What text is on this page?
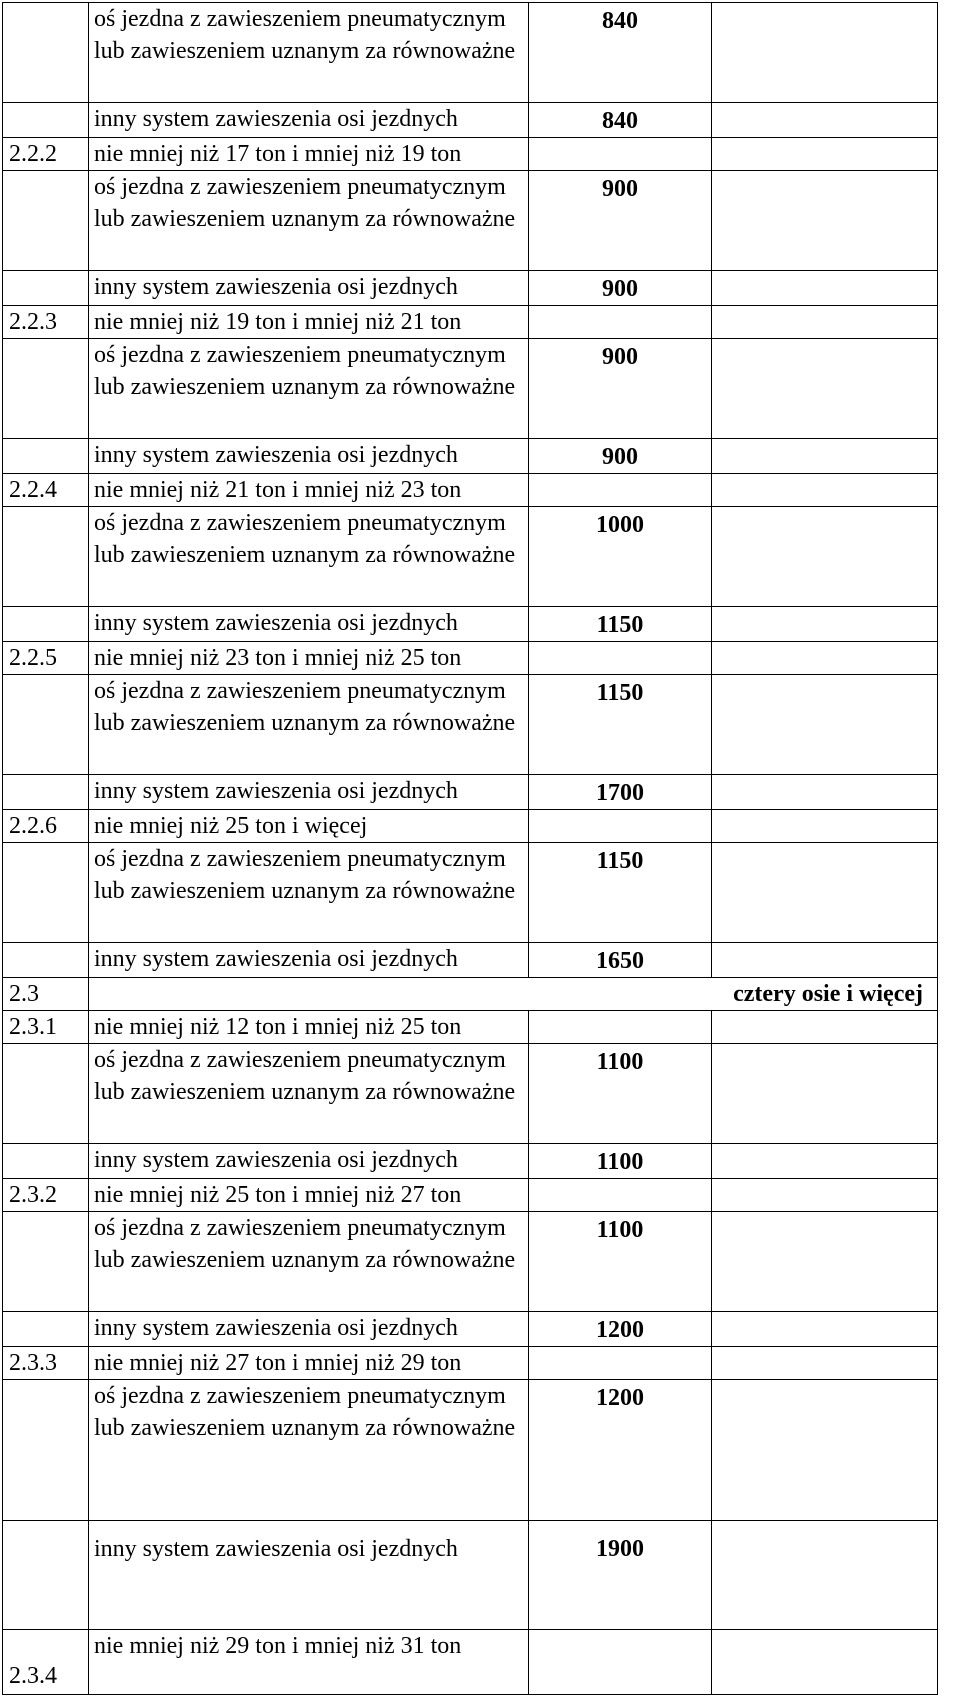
	oś jezdna z zawieszeniem pneumatycznym lub zawieszeniem uznanym za równoważne	840	
	inny system zawieszenia osi jezdnych	840	
2.2.2	nie mniej niż 17 ton i mniej niż 19 ton		
	oś jezdna z zawieszeniem pneumatycznym lub zawieszeniem uznanym za równoważne	900	
	inny system zawieszenia osi jezdnych	900	
2.2.3	nie mniej niż 19 ton i mniej niż 21 ton		
	oś jezdna z zawieszeniem pneumatycznym lub zawieszeniem uznanym za równoważne	900	
	inny system zawieszenia osi jezdnych	900	
2.2.4	nie mniej niż 21 ton i mniej niż 23 ton		
	oś jezdna z zawieszeniem pneumatycznym lub zawieszeniem uznanym za równoważne	1000	
	inny system zawieszenia osi jezdnych	1150	
2.2.5	nie mniej niż 23 ton i mniej niż 25 ton		
	oś jezdna z zawieszeniem pneumatycznym lub zawieszeniem uznanym za równoważne	1150	
	inny system zawieszenia osi jezdnych	1700	
2.2.6	nie mniej niż 25 ton i więcej		
	oś jezdna z zawieszeniem pneumatycznym lub zawieszeniem uznanym za równoważne	1150	
	inny system zawieszenia osi jezdnych	1650	
2.3	cztery osie i więcej		
2.3.1	nie mniej niż 12 ton i mniej niż 25 ton		
	oś jezdna z zawieszeniem pneumatycznym lub zawieszeniem uznanym za równoważne	1100	
	inny system zawieszenia osi jezdnych	1100	
2.3.2	nie mniej niż 25 ton i mniej niż 27 ton		
	oś jezdna z zawieszeniem pneumatycznym lub zawieszeniem uznanym za równoważne	1100	
	inny system zawieszenia osi jezdnych	1200	
2.3.3	nie mniej niż 27 ton i mniej niż 29 ton		
	oś jezdna z zawieszeniem pneumatycznym lub zawieszeniem uznanym za równoważne	1200	
	inny system zawieszenia osi jezdnych	1900	
2.3.4	nie mniej niż 29 ton i mniej niż 31 ton		
